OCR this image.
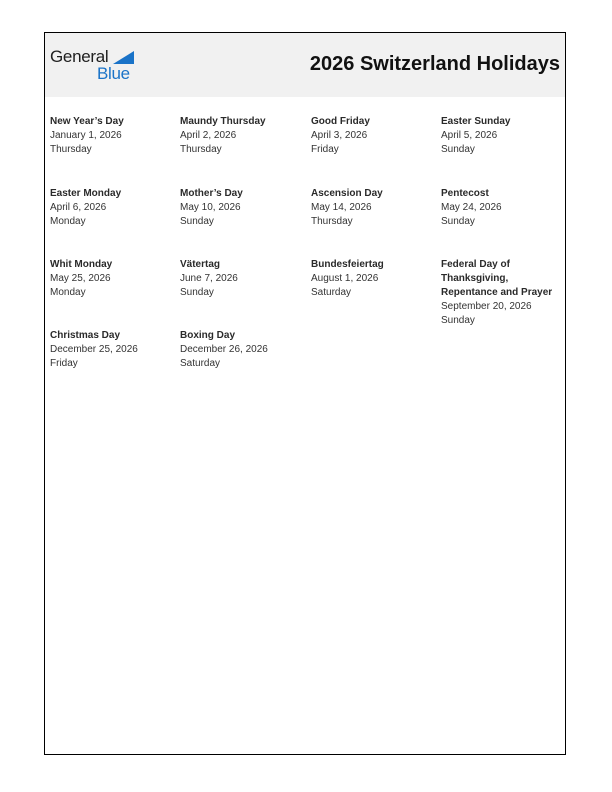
General
Blue	2026 Switzerland Holidays
New Year’s Day
January 1, 2026
Thursday
Maundy Thursday
April 2, 2026
Thursday
Good Friday
April 3, 2026
Friday
Easter Sunday
April 5, 2026
Sunday
Easter Monday
April 6, 2026
Monday
Mother’s Day
May 10, 2026
Sunday
Ascension Day
May 14, 2026
Thursday
Pentecost
May 24, 2026
Sunday
Whit Monday
May 25, 2026
Monday
Vätertag
June 7, 2026
Sunday
Bundesfeiertag
August 1, 2026
Saturday
Federal Day of Thanksgiving, Repentance and Prayer
September 20, 2026
Sunday
Christmas Day
December 25, 2026
Friday
Boxing Day
December 26, 2026
Saturday
